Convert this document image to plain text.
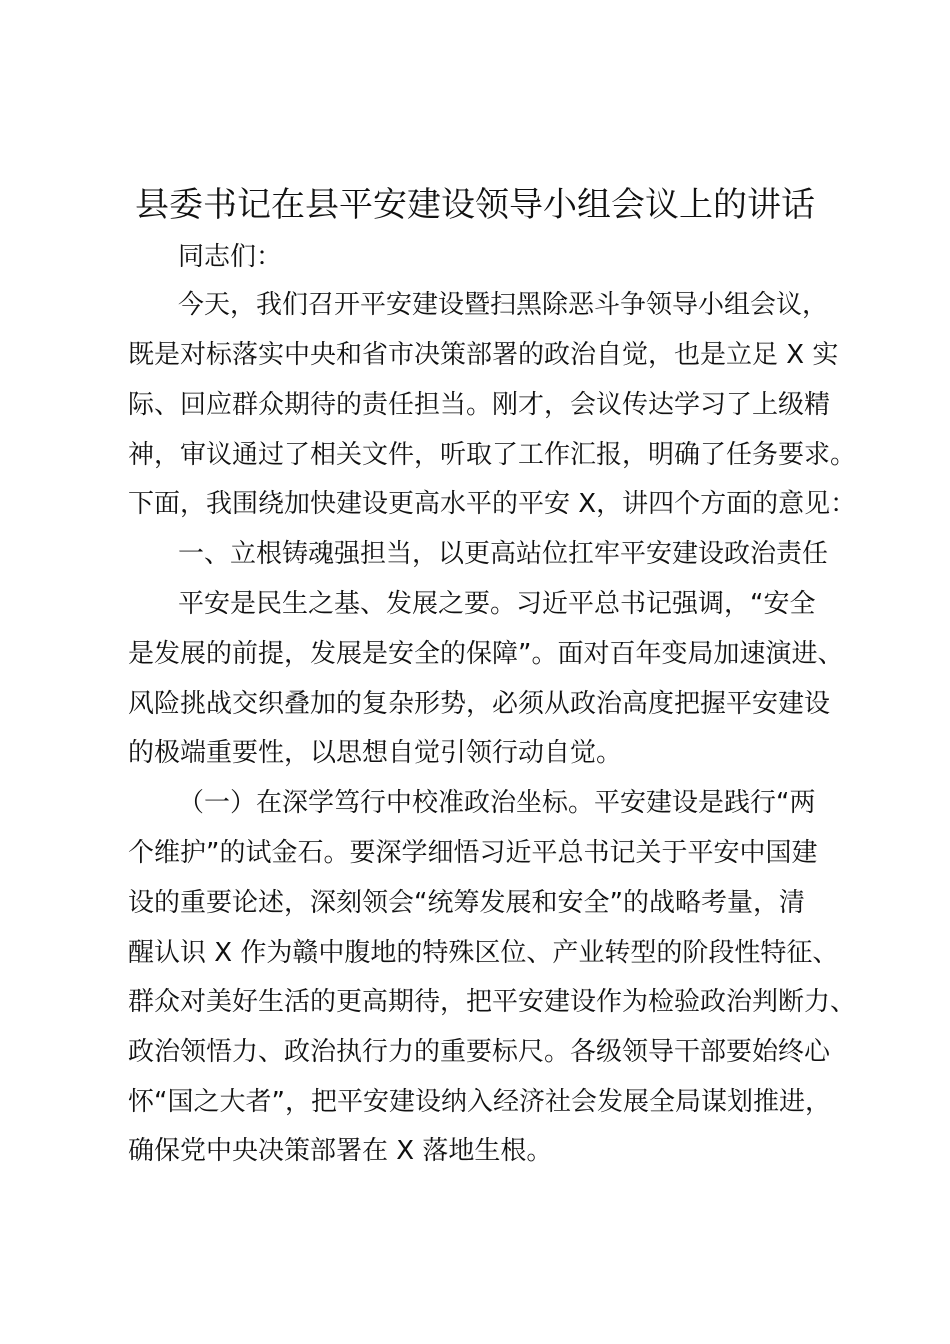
县委书记在县平安建设领导小组会议上的讲话
同志们：
今天，我们召开平安建设暨扫黑除恶斗争领导小组会议，
既是对标落实中央和省市决策部署的政治自觉，也是立足 X 实
际、回应群众期待的责任担当。刚才，会议传达学习了上级精
神，审议通过了相关文件，听取了工作汇报，明确了任务要求。
下面，我围绕加快建设更高水平的平安 X，讲四个方面的意见：
一、立根铸魂强担当，以更高站位扛牢平安建设政治责任
平安是民生之基、发展之要。习近平总书记强调，“安全
是发展的前提，发展是安全的保障”。面对百年变局加速演进、
风险挑战交织叠加的复杂形势，必须从政治高度把握平安建设
的极端重要性，以思想自觉引领行动自觉。
（一）在深学笃行中校准政治坐标。平安建设是践行“两
个维护”的试金石。要深学细悟习近平总书记关于平安中国建
设的重要论述，深刻领会“统筹发展和安全”的战略考量，清
醒认识 X 作为赣中腹地的特殊区位、产业转型的阶段性特征、
群众对美好生活的更高期待，把平安建设作为检验政治判断力、
政治领悟力、政治执行力的重要标尺。各级领导干部要始终心
怀“国之大者”，把平安建设纳入经济社会发展全局谋划推进，
确保党中央决策部署在 X 落地生根。
